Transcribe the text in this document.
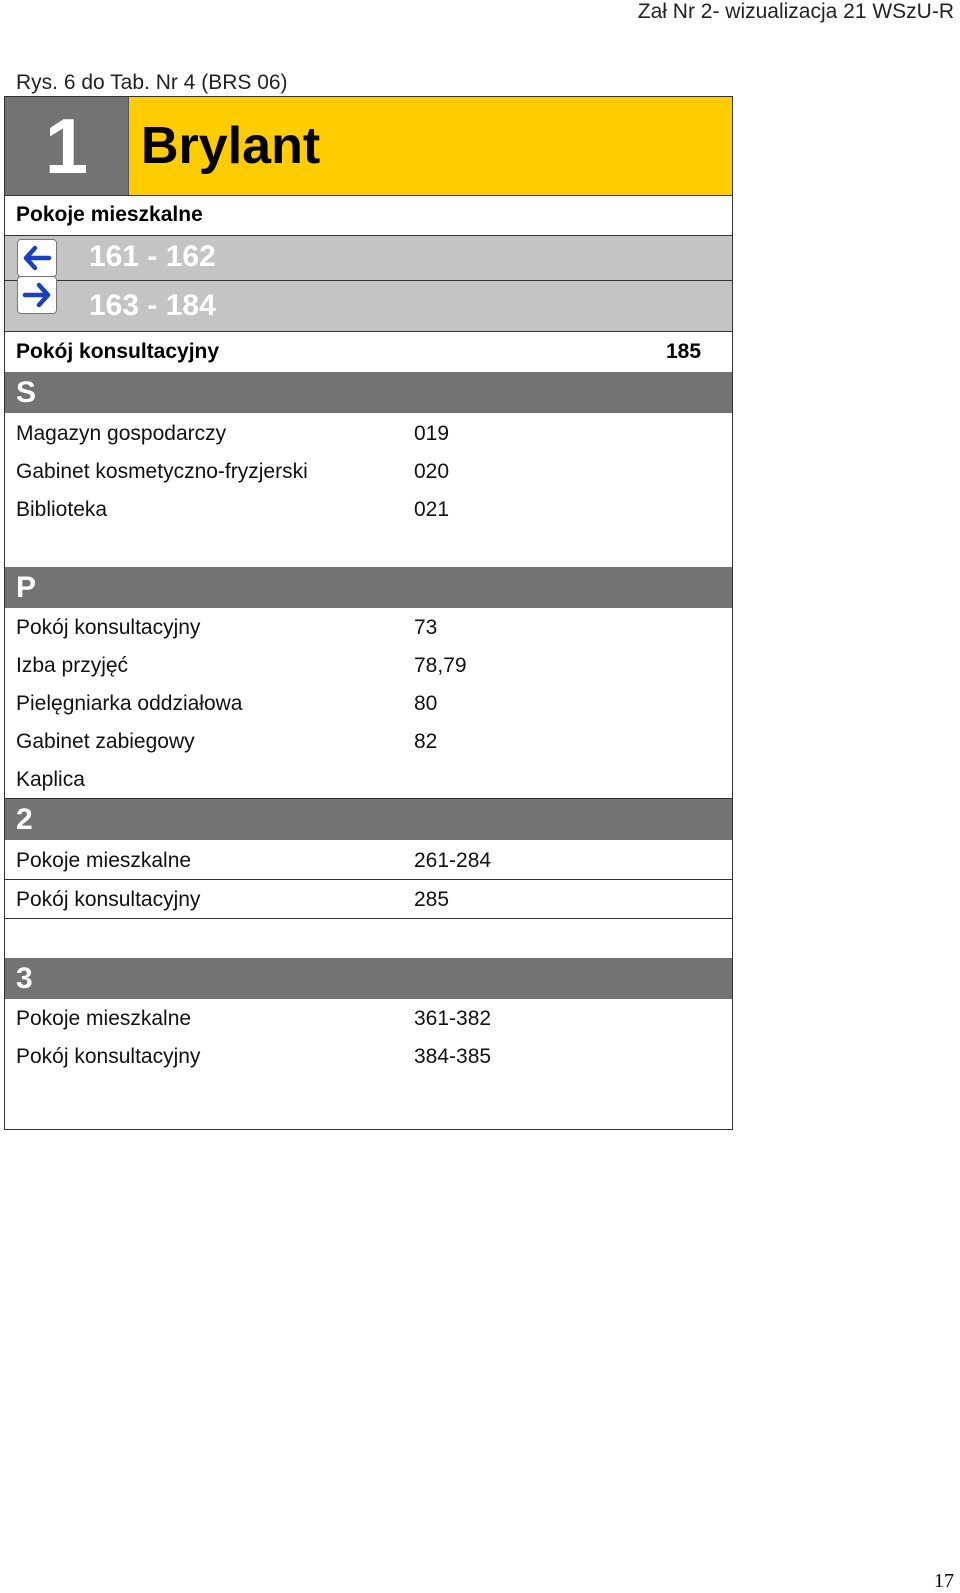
Zał Nr 2- wizualizacja 21 WSzU-R
Rys. 6 do Tab. Nr 4 (BRS 06)
1	Brylant
Pokoje mieszkalne
161 - 162
163 - 184
Pokój konsultacyjny	185
S
Magazyn gospodarczy	019
Gabinet kosmetyczno-fryzjerski	020
Biblioteka	021
P
Pokój konsultacyjny	73
Izba przyjęć	78,79
Pielęgniarka oddziałowa	80
Gabinet zabiegowy	82
Kaplica
2
Pokoje mieszkalne	261-284
Pokój konsultacyjny	285
3
Pokoje mieszkalne	361-382
Pokój konsultacyjny	384-385
17
